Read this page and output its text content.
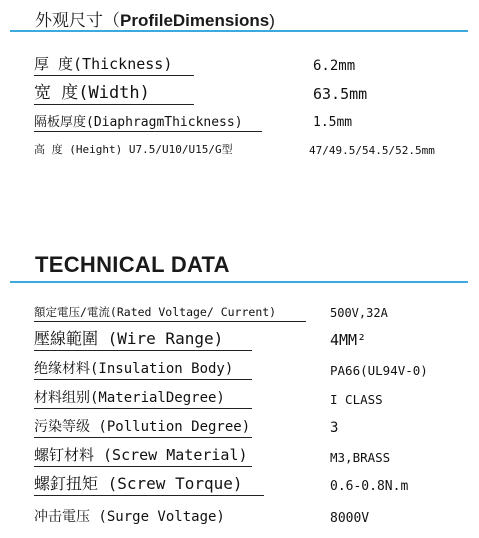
外观尺寸（ProfileDimensions)
厚 度(Thickness)	6.2mm
宽 度(Width)	63.5mm
隔板厚度(DiaphragmThickness)	1.5mm
高 度 (Height) U7.5/U10/U15/G型	47/49.5/54.5/52.5mm
TECHNICAL DATA
額定電压/電流(Rated Voltage/ Current)	500V,32A
壓線範圍 (Wire Range)	4MM²
绝缘材料(Insulation Body)	PA66(UL94V-0)
材料组别(MaterialDegree)	I CLASS
污染等级 (Pollution Degree)	3
螺钉材料 (Screw Material)	M3,BRASS
螺釘扭矩 (Screw Torque)	0.6-0.8N.m
冲击電压 (Surge Voltage)	8000V
